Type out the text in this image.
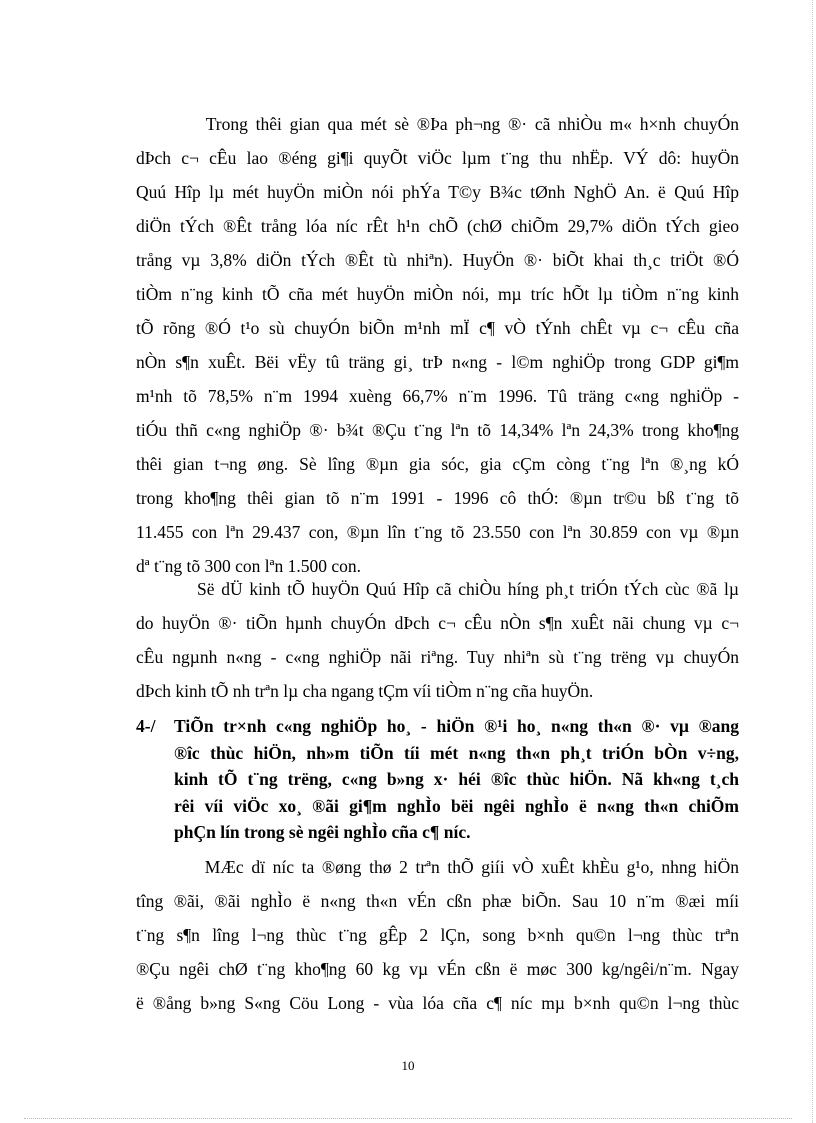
Trong thêi gian qua mét sè ®Þa ph¬ng ®· cã nhiÒu m« h×nh chuyÓn
dÞch c¬ cÊu lao ®éng gi¶i quyÕt viÖc lµm t¨ng thu nhËp. VÝ dô: huyÖn
Quú Hîp lµ mét huyÖn miÒn nói phÝa T©y B¾c tØnh NghÖ An. ë Quú Hîp
diÖn tÝch ®Êt trång lóa níc rÊt h¹n chÕ (chØ chiÕm 29,7% diÖn tÝch gieo
trång vµ 3,8% diÖn tÝch ®Êt tù nhiªn). HuyÖn ®· biÕt khai th¸c triÖt ®Ó
tiÒm n¨ng kinh tÕ cña mét huyÖn miÒn nói, mµ tríc hÕt lµ tiÒm n¨ng kinh
tÕ rõng ®Ó t¹o sù chuyÓn biÕn m¹nh mÏ c¶ vÒ tÝnh chÊt vµ c¬ cÊu cña
nÒn s¶n xuÊt. Bëi vËy tû träng gi¸ trÞ n«ng - l©m nghiÖp trong GDP gi¶m
m¹nh tõ 78,5% n¨m 1994 xuèng 66,7% n¨m 1996. Tû träng c«ng nghiÖp -
tiÓu thñ c«ng nghiÖp ®· b¾t ®Çu t¨ng lªn tõ 14,34% lªn 24,3% trong kho¶ng
thêi gian t¬ng øng. Sè lîng ®µn gia sóc, gia cÇm còng t¨ng lªn ®¸ng kÓ
trong kho¶ng thêi gian tõ n¨m 1991 - 1996 cô thÓ: ®µn tr©u bß t¨ng tõ
11.455 con lªn 29.437 con, ®µn lîn t¨ng tõ 23.550 con lªn 30.859 con vµ ®µn
dª t¨ng tõ 300 con lªn 1.500 con.
Së dÜ kinh tÕ huyÖn Quú Hîp cã chiÒu híng ph¸t triÓn tÝch cùc ®ã lµ
do huyÖn ®· tiÕn hµnh chuyÓn dÞch c¬ cÊu nÒn s¶n xuÊt nãi chung vµ c¬
cÊu ngµnh n«ng - c«ng nghiÖp nãi riªng. Tuy nhiªn sù t¨ng trëng vµ chuyÓn
dÞch kinh tÕ nh trªn lµ cha ngang tÇm víi tiÒm n¨ng cña huyÖn.
4-/ TiÕn tr×nh c«ng nghiÖp ho¸ - hiÖn ®¹i ho¸ n«ng th«n ®· vµ ®ang
®îc thùc hiÖn, nh»m tiÕn tíi mét n«ng th«n ph¸t triÓn bÒn v÷ng,
kinh tÕ t¨ng trëng, c«ng b»ng x· héi ®îc thùc hiÖn. Nã kh«ng t¸ch
rêi víi viÖc xo¸ ®ãi gi¶m nghÌo bëi ngêi nghÌo ë n«ng th«n chiÕm
phÇn lín trong sè ngêi nghÌo cña c¶ níc.
MÆc dï níc ta ®øng thø 2 trªn thÕ giíi vÒ xuÊt khÈu g¹o, nhng hiÖn
tîng ®ãi, ®ãi nghÌo ë n«ng th«n vÉn cßn phæ biÕn. Sau 10 n¨m ®æi míi
t¨ng s¶n lîng l¬ng thùc t¨ng gÊp 2 lÇn, song b×nh qu©n l¬ng thùc trªn
®Çu ngêi chØ t¨ng kho¶ng 60 kg vµ vÉn cßn ë møc 300 kg/ngêi/n¨m. Ngay
ë ®ång b»ng S«ng Cöu Long - vùa lóa cña c¶ níc mµ b×nh qu©n l¬ng thùc
10
